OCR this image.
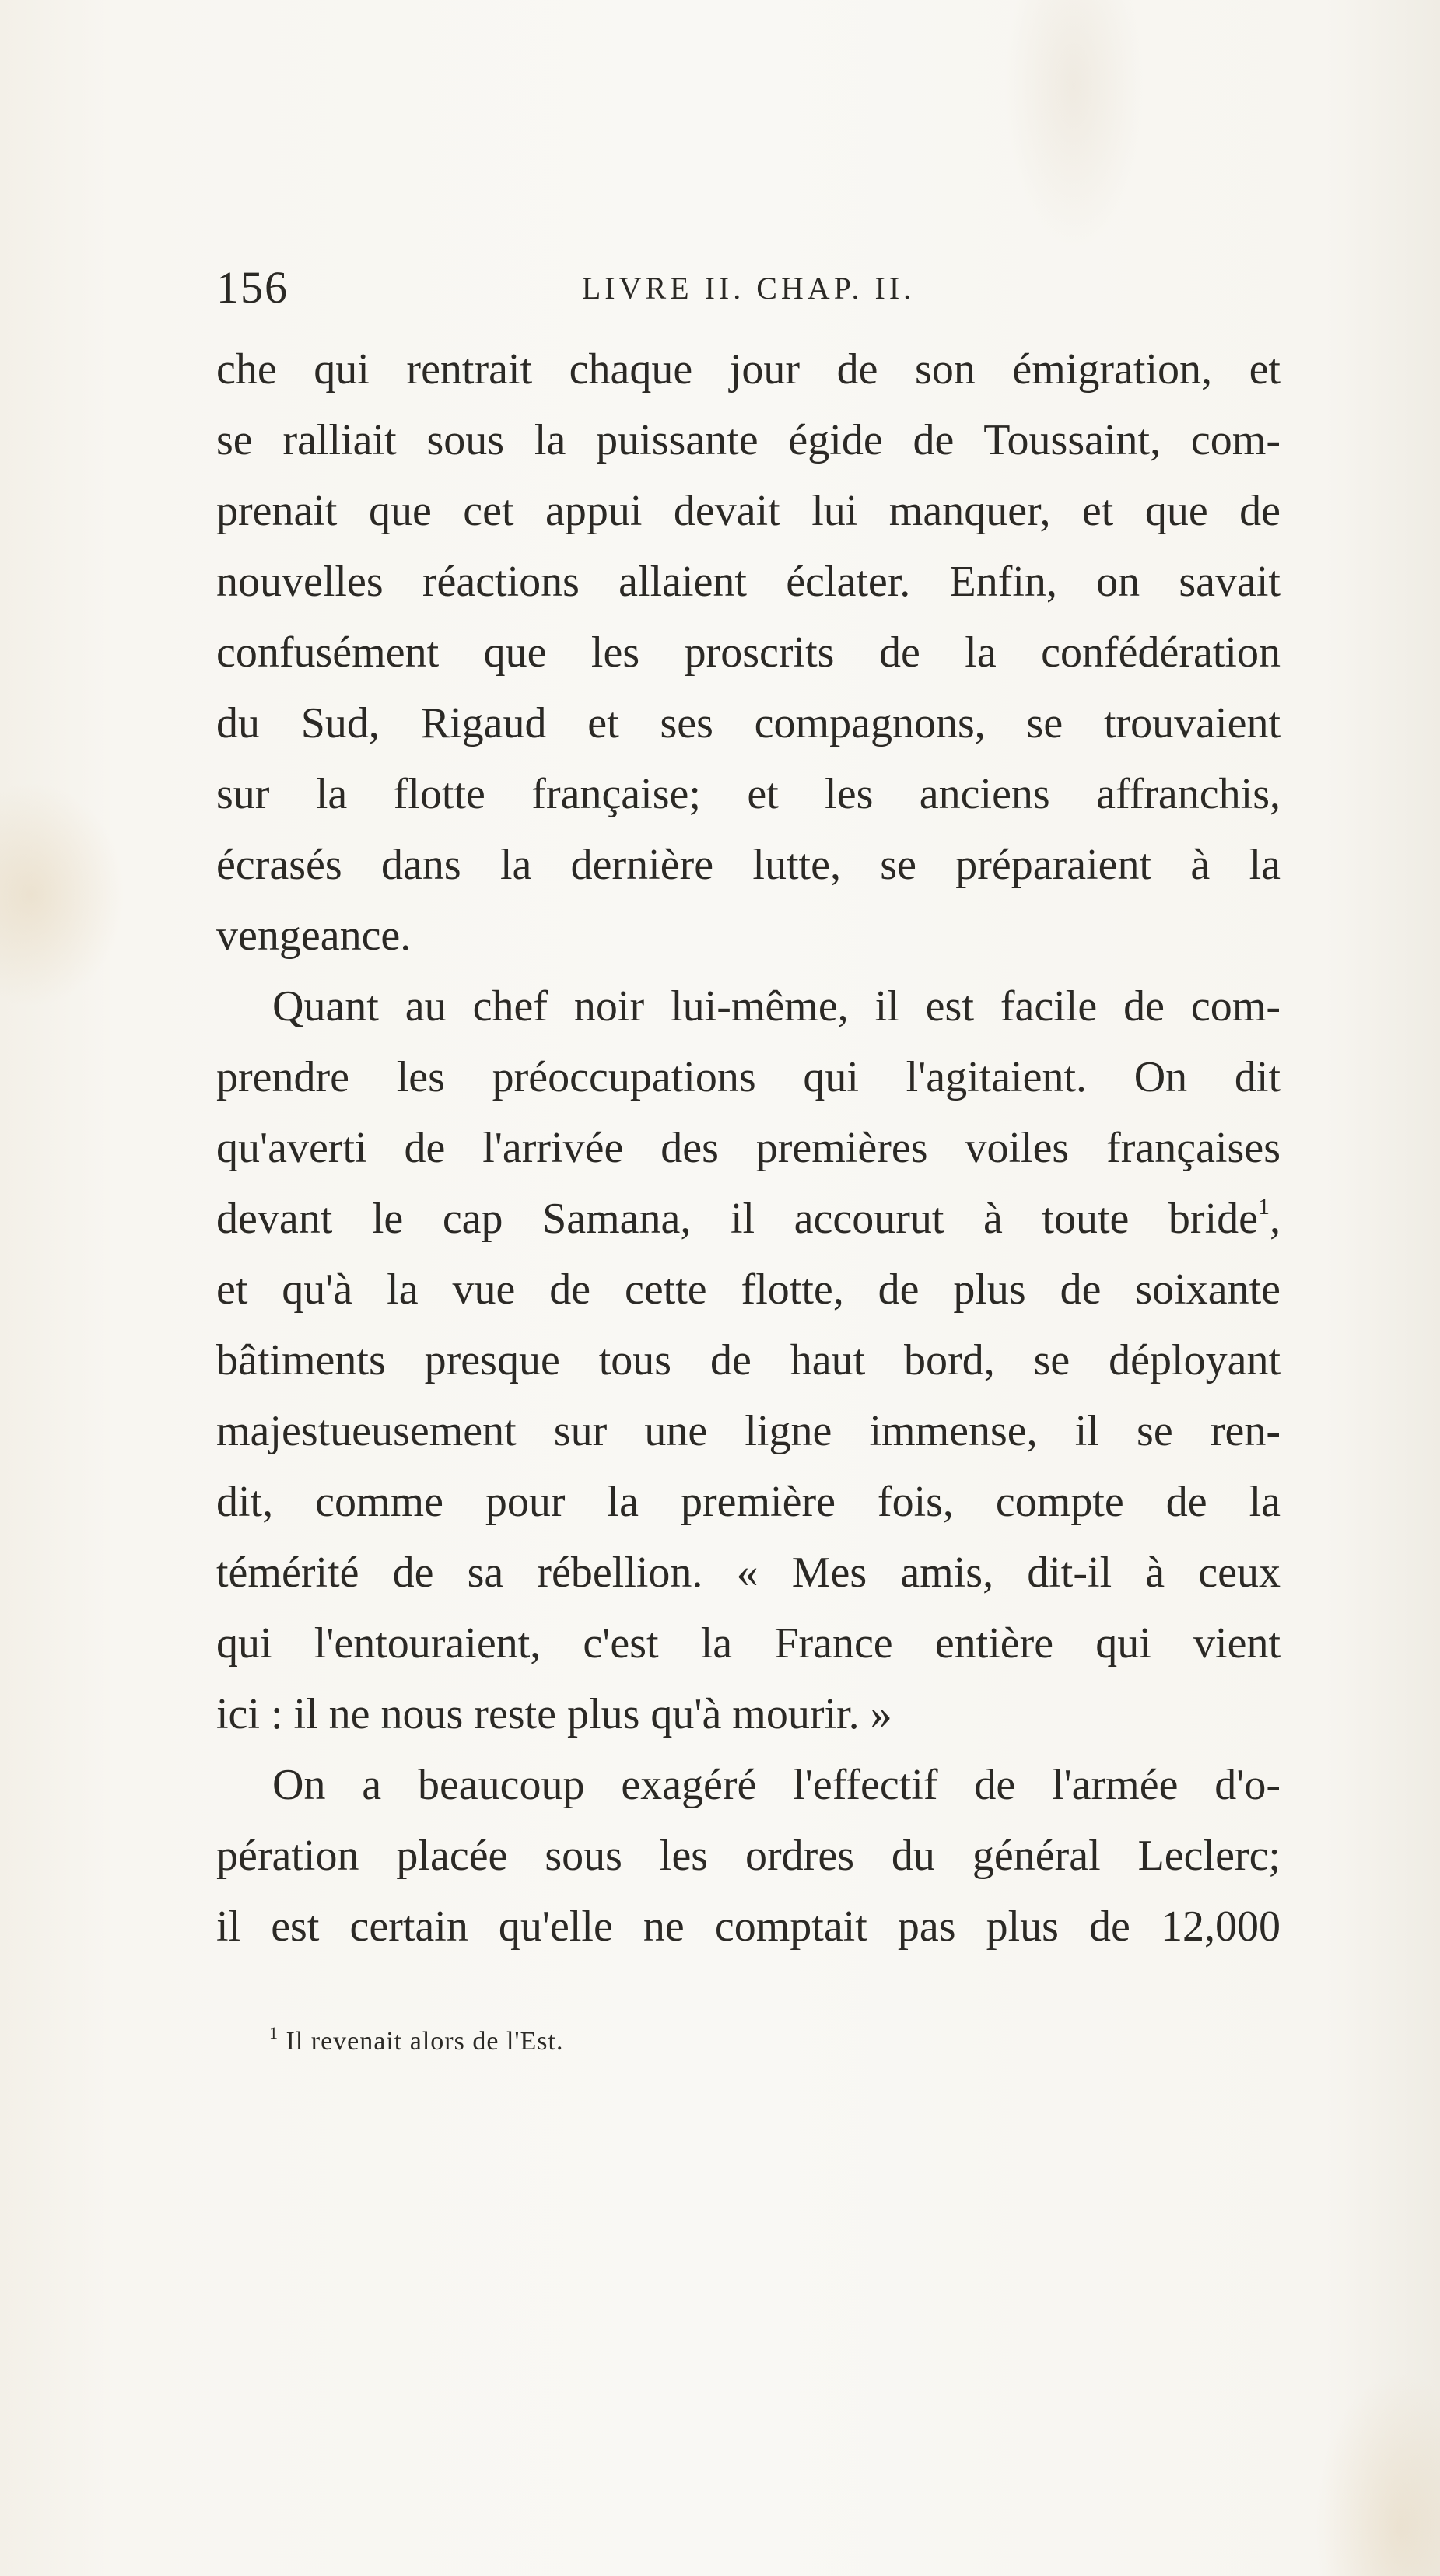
156	LIVRE II. CHAP. II.
che qui rentrait chaque jour de son émigration, et
se ralliait sous la puissante égide de Toussaint, com-
prenait que cet appui devait lui manquer, et que de
nouvelles réactions allaient éclater. Enfin, on savait
confusément que les proscrits de la confédération
du Sud, Rigaud et ses compagnons, se trouvaient
sur la flotte française; et les anciens affranchis,
écrasés dans la dernière lutte, se préparaient à la
vengeance.
Quant au chef noir lui-même, il est facile de com-
prendre les préoccupations qui l'agitaient. On dit
qu'averti de l'arrivée des premières voiles françaises
devant le cap Samana, il accourut à toute bride$^1$,
et qu'à la vue de cette flotte, de plus de soixante
bâtiments presque tous de haut bord, se déployant
majestueusement sur une ligne immense, il se ren-
dit, comme pour la première fois, compte de la
témérité de sa rébellion. « Mes amis, dit-il à ceux
qui l'entouraient, c'est la France entière qui vient
ici : il ne nous reste plus qu'à mourir. »
On a beaucoup exagéré l'effectif de l'armée d'o-
pération placée sous les ordres du général Leclerc;
il est certain qu'elle ne comptait pas plus de 12,000
$^1$ Il revenait alors de l'Est.
